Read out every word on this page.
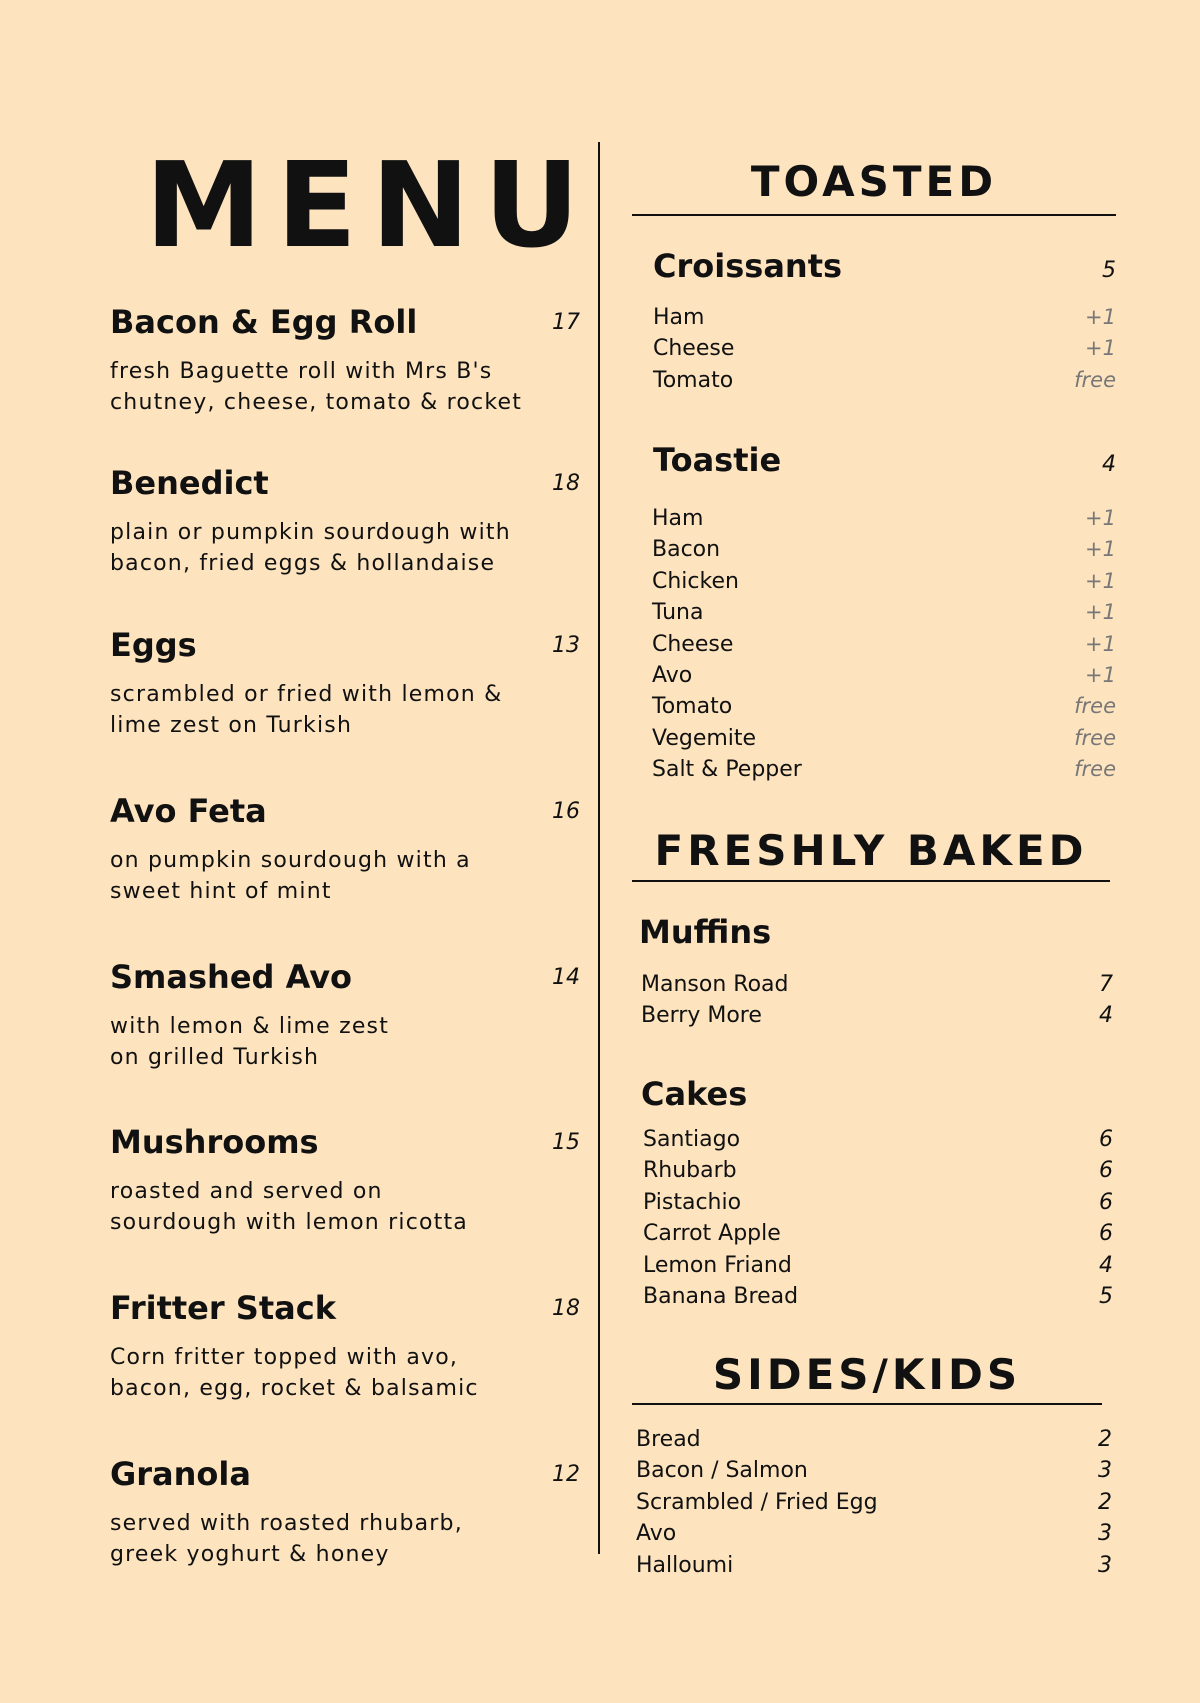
MENU
Bacon & Egg Roll	17
fresh Baguette roll with Mrs B's
chutney, cheese, tomato & rocket
Benedict	18
plain or pumpkin sourdough with
bacon, fried eggs & hollandaise
Eggs	13
scrambled or fried with lemon &
lime zest on Turkish
Avo Feta	16
on pumpkin sourdough with a
sweet hint of mint
Smashed Avo	14
with lemon & lime zest
on grilled Turkish
Mushrooms	15
roasted and served on
sourdough with lemon ricotta
Fritter Stack	18
Corn fritter topped with avo,
bacon, egg, rocket & balsamic
Granola	12
served with roasted rhubarb,
greek yoghurt & honey
TOASTED
Croissants	5
Ham	+1
Cheese	+1
Tomato	free
Toastie	4
Ham	+1
Bacon	+1
Chicken	+1
Tuna	+1
Cheese	+1
Avo	+1
Tomato	free
Vegemite	free
Salt & Pepper	free
FRESHLY BAKED
Muffins
Manson Road	7
Berry More	4
Cakes
Santiago	6
Rhubarb	6
Pistachio	6
Carrot Apple	6
Lemon Friand	4
Banana Bread	5
SIDES/KIDS
Bread	2
Bacon / Salmon	3
Scrambled / Fried Egg	2
Avo	3
Halloumi	3
